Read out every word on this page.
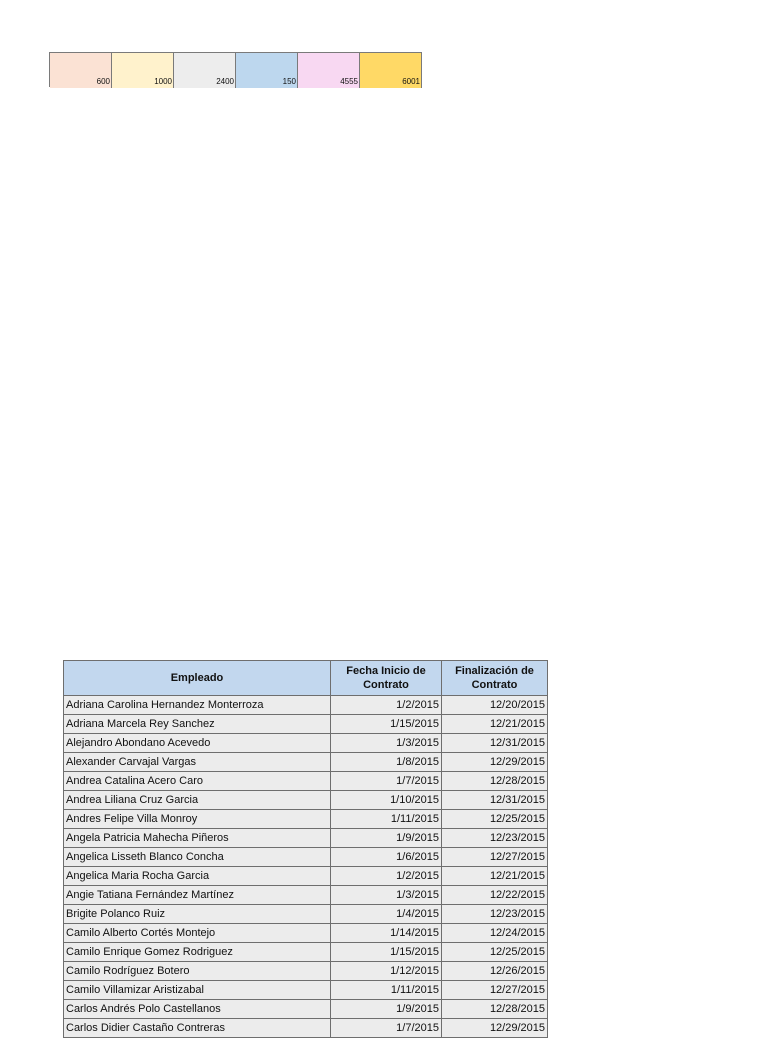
600	1000	2400	150	4555	6001
Empleado	Fecha Inicio de Contrato	Finalización de Contrato
Adriana Carolina Hernandez Monterroza	1/2/2015	12/20/2015
Adriana Marcela Rey Sanchez	1/15/2015	12/21/2015
Alejandro Abondano Acevedo	1/3/2015	12/31/2015
Alexander Carvajal Vargas	1/8/2015	12/29/2015
Andrea Catalina Acero Caro	1/7/2015	12/28/2015
Andrea Liliana Cruz Garcia	1/10/2015	12/31/2015
Andres Felipe Villa Monroy	1/11/2015	12/25/2015
Angela Patricia Mahecha Piñeros	1/9/2015	12/23/2015
Angelica Lisseth Blanco Concha	1/6/2015	12/27/2015
Angelica Maria Rocha Garcia	1/2/2015	12/21/2015
Angie Tatiana Fernández Martínez	1/3/2015	12/22/2015
Brigite Polanco Ruiz	1/4/2015	12/23/2015
Camilo Alberto Cortés Montejo	1/14/2015	12/24/2015
Camilo Enrique Gomez Rodriguez	1/15/2015	12/25/2015
Camilo Rodríguez Botero	1/12/2015	12/26/2015
Camilo Villamizar Aristizabal	1/11/2015	12/27/2015
Carlos Andrés Polo Castellanos	1/9/2015	12/28/2015
Carlos Didier Castaño Contreras	1/7/2015	12/29/2015
